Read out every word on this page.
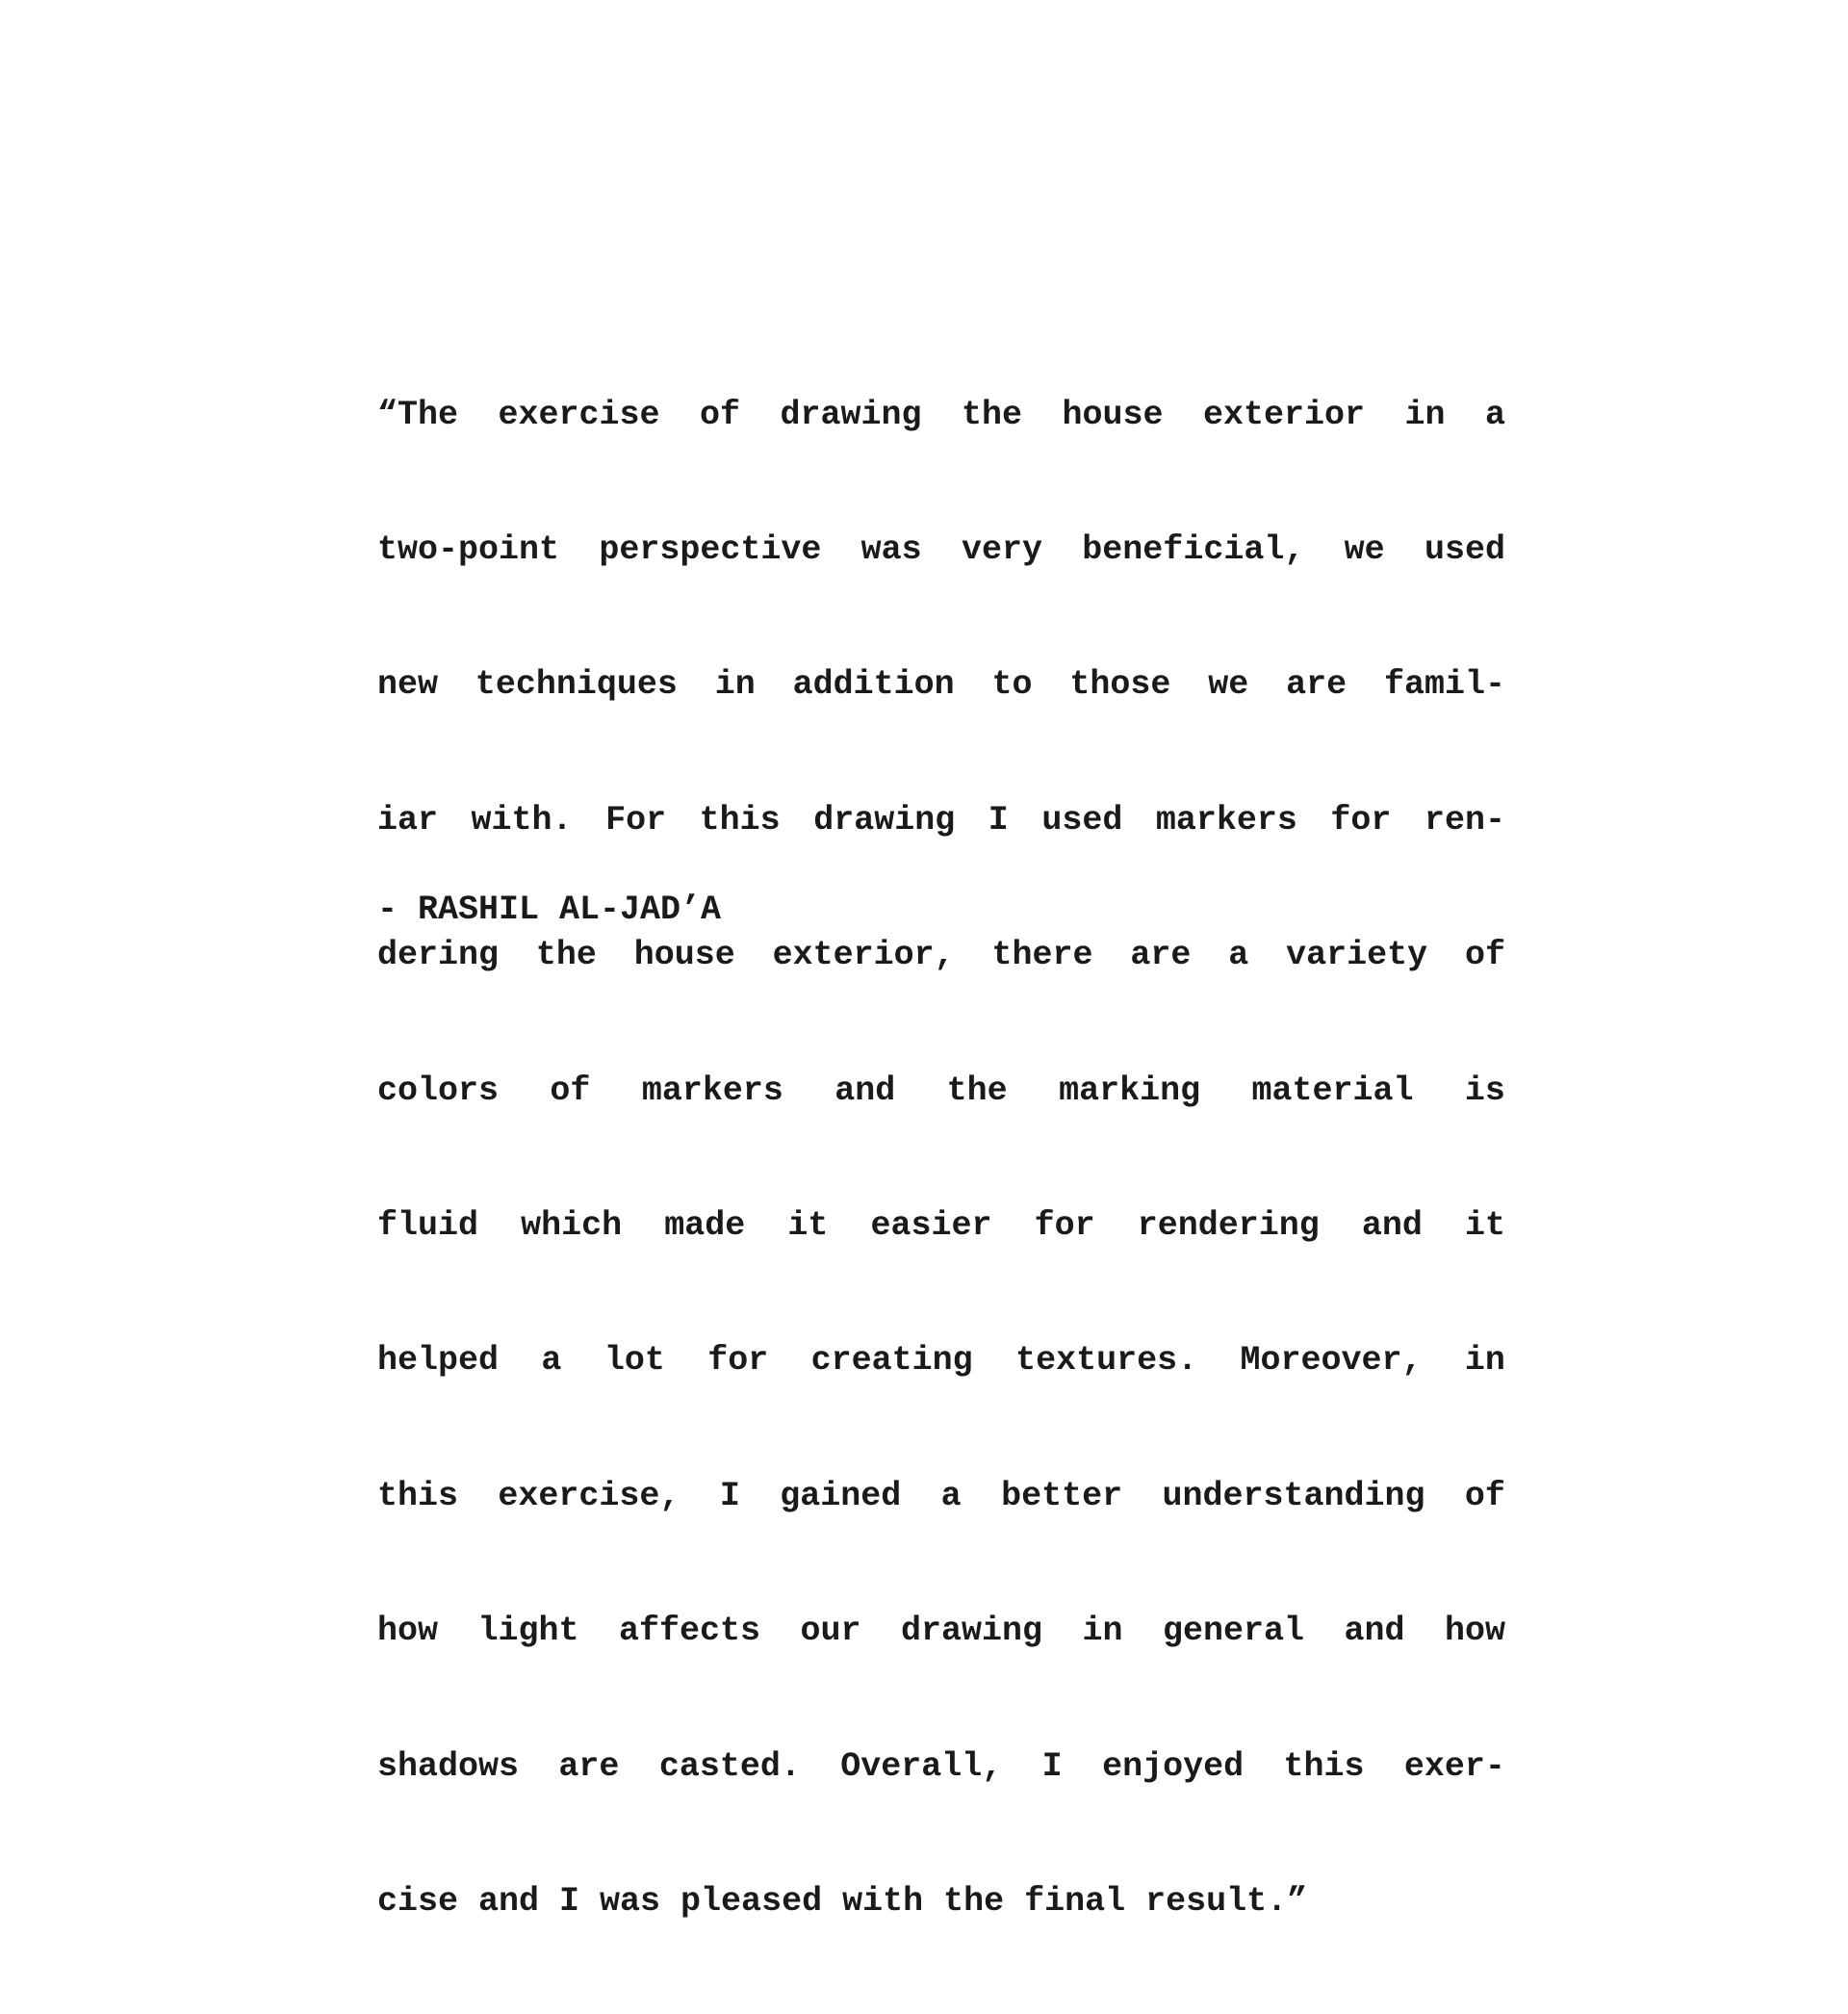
“The exercise of drawing the house exterior in a

two-point perspective was very beneficial, we used

new techniques in addition to those we are famil-

iar with. For this drawing I used markers for ren-

dering the house exterior, there are a variety of

colors of markers and the marking material is

fluid which made it easier for rendering and it

helped a lot for creating textures. Moreover, in

this exercise, I gained a better understanding of

how light affects our drawing in general and how

shadows are casted. Overall, I enjoyed this exer-

cise and I was pleased with the final result.”

- RASHIL AL-JAD’A
